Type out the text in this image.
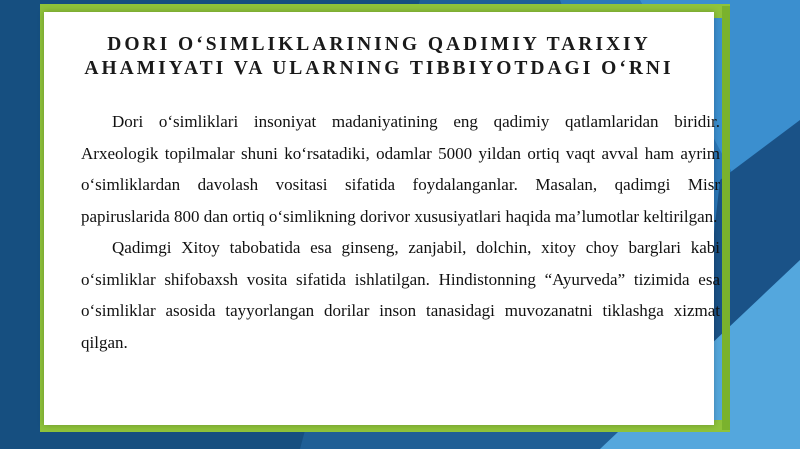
DORI O‘SIMLIKLARINING QADIMIY TARIXIY
AHAMIYATI VA ULARNING TIBBIYOTDAGI O‘RNI

Dori o‘simliklari insoniyat madaniyatining eng qadimiy qatlamlaridan biridir. Arxeologik topilmalar shuni ko‘rsatadiki, odamlar 5000 yildan ortiq vaqt avval ham ayrim o‘simliklardan davolash vositasi sifatida foydalanganlar. Masalan, qadimgi Misr papiruslarida 800 dan ortiq o‘simlikning dorivor xususiyatlari haqida ma’lumotlar keltirilgan.

Qadimgi Xitoy tabobatida esa ginseng, zanjabil, dolchin, xitoy choy barglari kabi o‘simliklar shifobaxsh vosita sifatida ishlatilgan. Hindistonning “Ayurveda” tizimida esa o‘simliklar asosida tayyorlangan dorilar inson tanasidagi muvozanatni tiklashga xizmat qilgan.
